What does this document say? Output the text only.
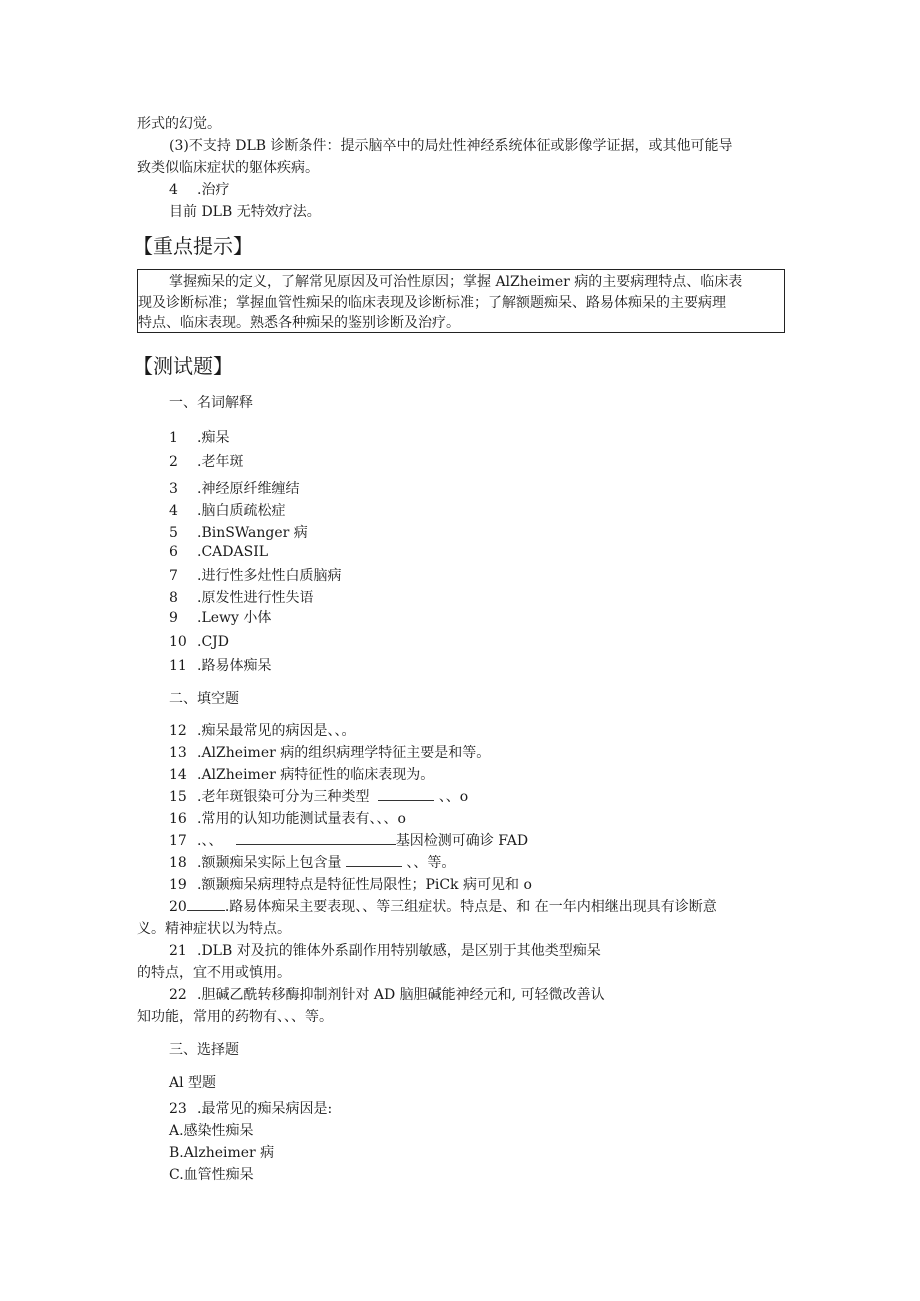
形式的幻觉。
(3)不支持 DLB 诊断条件：提示脑卒中的局灶性神经系统体征或影像学证据，或其他可能导
致类似临床症状的躯体疾病。
4 .治疗
目前 DLB 无特效疗法。
【重点提示】
掌握痴呆的定义，了解常见原因及可治性原因；掌握 AlZheimer 病的主要病理特点、临床表
现及诊断标准；掌握血管性痴呆的临床表现及诊断标准；了解额题痴呆、路易体痴呆的主要病理
特点、临床表现。熟悉各种痴呆的鉴别诊断及治疗。
【测试题】
一、名词解释
1 .痴呆
2 .老年斑
3 .神经原纤维缠结
4 .脑白质疏松症
5 .BinSWanger 病
6 .CADASIL
7 .进行性多灶性白质脑病
8 .原发性进行性失语
9 .Lewy 小体
10 .CJD
11 .路易体痴呆
二、填空题
12 .痴呆最常见的病因是、、。
13 .AlZheimer 病的组织病理学特征主要是和等。
14 .AlZheimer 病特征性的临床表现为。
15 .老年斑银染可分为三种类型	、、o
16 .常用的认知功能测试量表有、、、o
17 .、、	基因检测可确诊 FAD
18 .额颞痴呆实际上包含量	、、等。
19 .额颞痴呆病理特点是特征性局限性；PiCk 病可见和 o
20	.路易体痴呆主要表现、、等三组症状。特点是、和 在一年内相继出现具有诊断意
义。精神症状以为特点。
21 .DLB 对及抗的锥体外系副作用特别敏感，是区别于其他类型痴呆
的特点，宜不用或慎用。
22 .胆碱乙酰转移酶抑制剂针对 AD 脑胆碱能神经元和, 可轻微改善认
知功能，常用的药物有、、、等。
三、选择题
Al 型题
23 .最常见的痴呆病因是:
A.感染性痴呆
B.Alzheimer 病
C.血管性痴呆
